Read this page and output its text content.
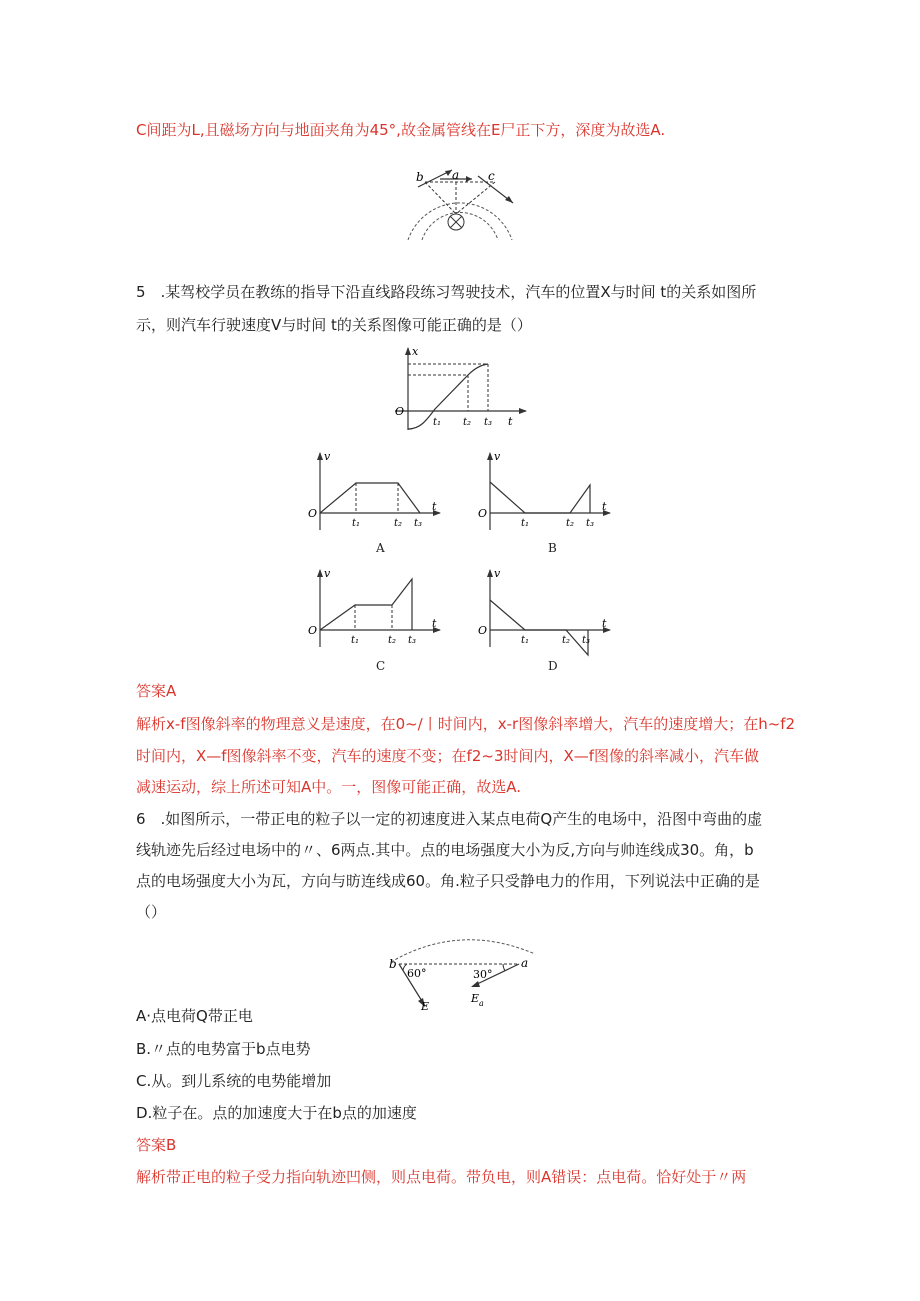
C间距为L,且磁场方向与地面夹角为45°,故金属管线在E尸正下方，深度为故选A.
b a c
5　.某驾校学员在教练的指导下沿直线路段练习驾驶技术，汽车的位置X与时间 t的关系如图所
示，则汽车行驶速度V与时间 t的关系图像可能正确的是（）
x
t
O
t₁ t₂ t₃
v
t
O
t₁	t₂ t₃
A
v
t
O
t₁	t₂ t₃
B
v
t
O
t₁	t₂ t₃
C
v
t
O
t₁	t₂ t₃
D
答案A
解析x-f图像斜率的物理意义是速度，在0~∕丨时间内，x-r图像斜率增大，汽车的速度增大；在h~f2
时间内，X—f图像斜率不变，汽车的速度不变；在f2~3时间内，X—f图像的斜率减小，汽车做
减速运动，综上所述可知A中。一，图像可能正确，故选A.
6　.如图所示，一带正电的粒子以一定的初速度进入某点电荷Q产生的电场中，沿图中弯曲的虚
线轨迹先后经过电场中的〃、6两点.其中。点的电场强度大小为反,方向与帅连线成30。角，b
点的电场强度大小为瓦，方向与昉连线成60。角.粒子只受静电力的作用，下列说法中正确的是
（）
b	a
60°	30°
E
E a
A·点电荷Q带正电
B.〃点的电势富于b点电势
C.从。到儿系统的电势能增加
D.粒子在。点的加速度大于在b点的加速度
答案B
解析带正电的粒子受力指向轨迹凹侧，则点电荷。带负电，则A错误：点电荷。恰好处于〃两
